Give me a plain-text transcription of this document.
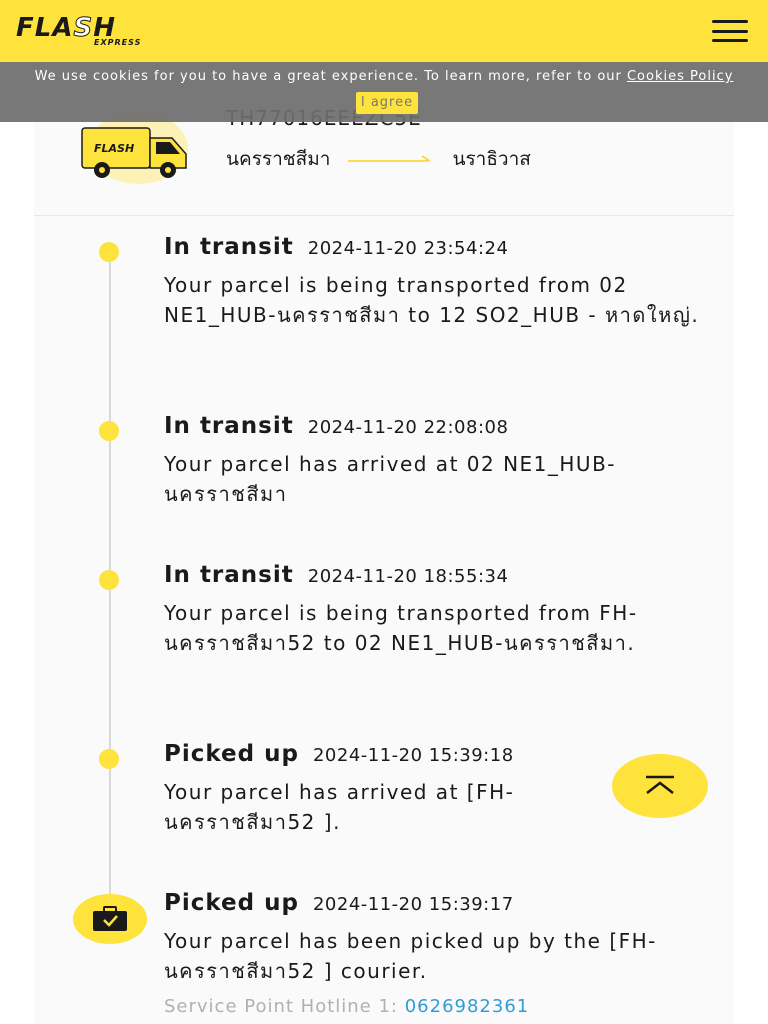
FLASH
EXPRESS
FLASH	นครราชสีมา	นราธิวาส
We use cookies for you to have a great experience. To learn more, refer to our Cookies Policy I agree
In transit 2024-11-20 23:54:24
Your parcel is being transported from 02 NE1_HUB-นครราชสีมา to 12 SO2_HUB - หาดใหญ่.
In transit 2024-11-20 22:08:08
Your parcel has arrived at 02 NE1_HUB-นครราชสีมา
In transit 2024-11-20 18:55:34
Your parcel is being transported from FH-นครราชสีมา52 to 02 NE1_HUB-นครราชสีมา.
Picked up 2024-11-20 15:39:18
Your parcel has arrived at [FH-นครราชสีมา52 ].
Picked up 2024-11-20 15:39:17
Your parcel has been picked up by the [FH-นครราชสีมา52 ] courier.
Service Point Hotline 1: 0626982361
